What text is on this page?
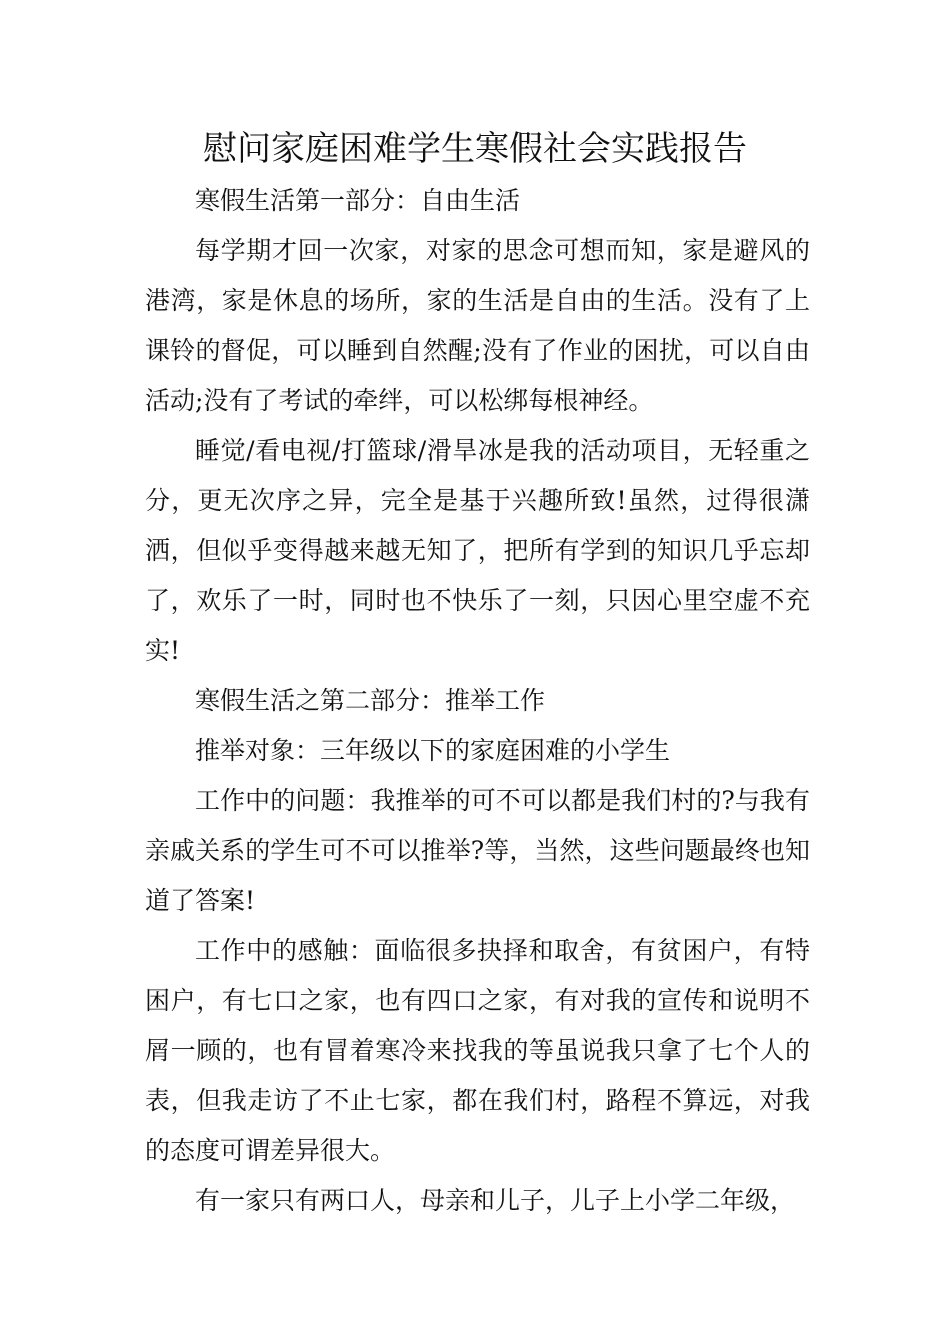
慰问家庭困难学生寒假社会实践报告

寒假生活第一部分：自由生活

每学期才回一次家，对家的思念可想而知，家是避风的港湾，家是休息的场所，家的生活是自由的生活。没有了上课铃的督促，可以睡到自然醒;没有了作业的困扰，可以自由活动;没有了考试的牵绊，可以松绑每根神经。

睡觉/看电视/打篮球/滑旱冰是我的活动项目，无轻重之分，更无次序之异，完全是基于兴趣所致!虽然，过得很潇洒，但似乎变得越来越无知了，把所有学到的知识几乎忘却了，欢乐了一时，同时也不快乐了一刻，只因心里空虚不充实!

寒假生活之第二部分：推举工作

推举对象：三年级以下的家庭困难的小学生

工作中的问题：我推举的可不可以都是我们村的?与我有亲戚关系的学生可不可以推举?等，当然，这些问题最终也知道了答案!

工作中的感触：面临很多抉择和取舍，有贫困户，有特困户，有七口之家，也有四口之家，有对我的宣传和说明不屑一顾的，也有冒着寒冷来找我的等虽说我只拿了七个人的表，但我走访了不止七家，都在我们村，路程不算远，对我的态度可谓差异很大。

有一家只有两口人，母亲和儿子，儿子上小学二年级，
